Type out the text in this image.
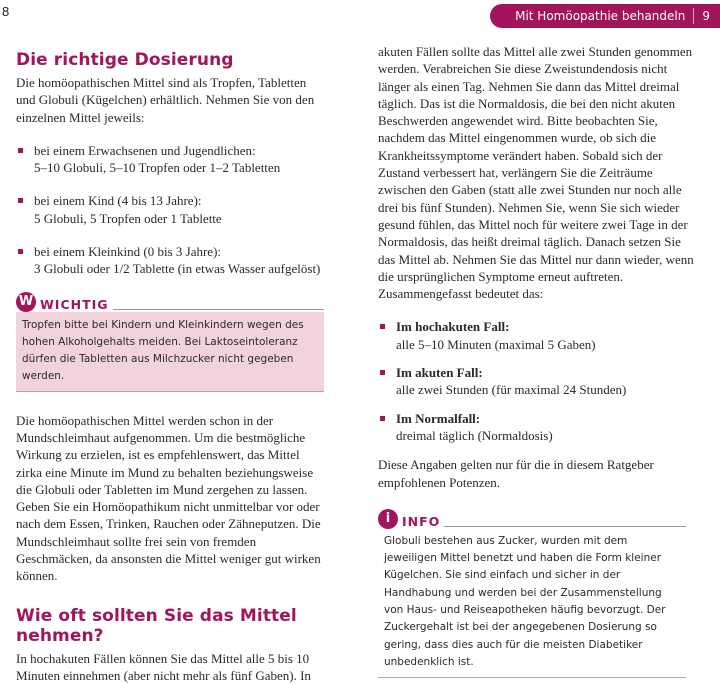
8	Mit Homöopathie behandeln	9
Die richtige Dosierung

Die homöopathischen Mittel sind als Tropfen, Tabletten und Globuli (Kügelchen) erhältlich. Nehmen Sie von den einzelnen Mittel jeweils:

bei einem Erwachsenen und Jugendlichen:
5–10 Globuli, 5–10 Tropfen oder 1–2 Tabletten
bei einem Kind (4 bis 13 Jahre):
5 Globuli, 5 Tropfen oder 1 Tablette
bei einem Kleinkind (0 bis 3 Jahre):
3 Globuli oder 1/2 Tablette (in etwas Wasser aufgelöst)
W WICHTIG
Tropfen bitte bei Kindern und Kleinkindern wegen des hohen Alkoholgehalts meiden. Bei Laktoseintoleranz dürfen die Tabletten aus Milchzucker nicht gegeben werden.

Die homöopathischen Mittel werden schon in der Mundschleimhaut aufgenommen. Um die bestmögliche Wirkung zu erzielen, ist es empfehlenswert, das Mittel zirka eine Minute im Mund zu behalten beziehungsweise die Globuli oder Tabletten im Mund zergehen zu lassen. Geben Sie ein Homöopathikum nicht unmittelbar vor oder nach dem Essen, Trinken, Rauchen oder Zähneputzen. Die Mundschleimhaut sollte frei sein von fremden Geschmäcken, da ansonsten die Mittel weniger gut wirken können.

Wie oft sollten Sie das Mittel nehmen?

In hochakuten Fällen können Sie das Mittel alle 5 bis 10 Minuten einnehmen (aber nicht mehr als fünf Gaben). In

akuten Fällen sollte das Mittel alle zwei Stunden genommen werden. Verabreichen Sie diese Zweistundendosis nicht länger als einen Tag. Nehmen Sie dann das Mittel dreimal täglich. Das ist die Normaldosis, die bei den nicht akuten Beschwerden angewendet wird. Bitte beobachten Sie, nachdem das Mittel eingenommen wurde, ob sich die Krankheitssymptome verändert haben. Sobald sich der Zustand verbessert hat, verlängern Sie die Zeiträume zwischen den Gaben (statt alle zwei Stunden nur noch alle drei bis fünf Stunden). Nehmen Sie, wenn Sie sich wieder gesund fühlen, das Mittel noch für weitere zwei Tage in der Normaldosis, das heißt dreimal täglich. Danach setzen Sie das Mittel ab. Nehmen Sie das Mittel nur dann wieder, wenn die ursprünglichen Symptome erneut auftreten. Zusammengefasst bedeutet das:

Im hochakuten Fall:
alle 5–10 Minuten (maximal 5 Gaben)
Im akuten Fall:
alle zwei Stunden (für maximal 24 Stunden)
Im Normalfall:
dreimal täglich (Normaldosis)

Diese Angaben gelten nur für die in diesem Ratgeber empfohlenen Potenzen.

i INFO
Globuli bestehen aus Zucker, wurden mit dem jeweiligen Mittel benetzt und haben die Form kleiner Kügelchen. Sie sind einfach und sicher in der Handhabung und werden bei der Zusammenstellung von Haus- und Reiseapotheken häufig bevorzugt. Der Zuckergehalt ist bei der angegebenen Dosierung so gering, dass dies auch für die meisten Diabetiker unbedenklich ist.
